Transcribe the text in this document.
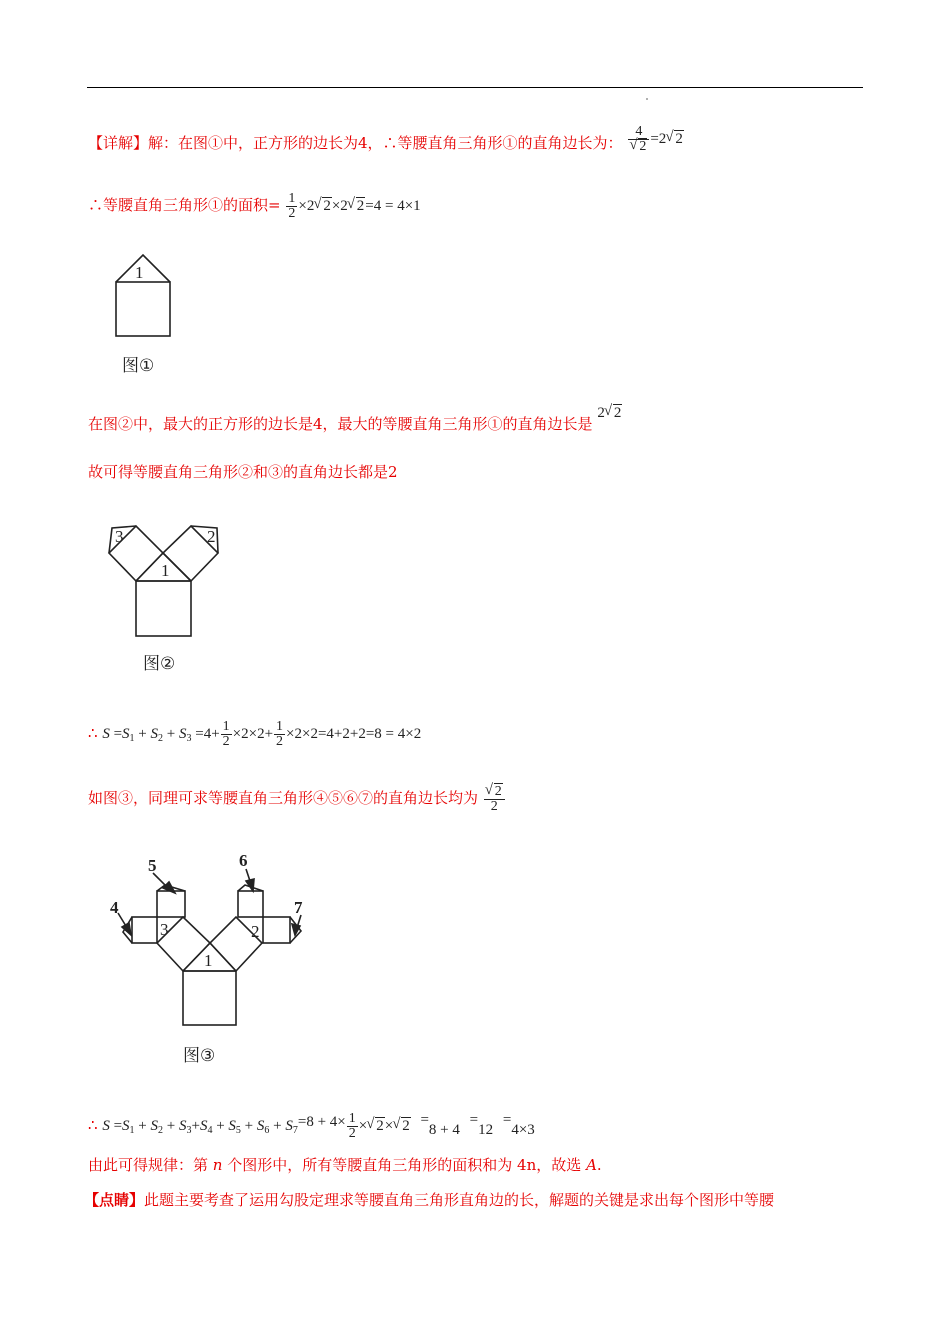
【详解】解：在图①中，正方形的边长为4，∴等腰直角三角形①的直角边长为： 4
√ 2 =2√ 2
∴等腰直角三角形①的面积= $\frac{1}{2} \times 2√$ 2×2√ 2=4 = 4×1
1
图①
在图②中，最大的正方形的边长是4，最大的等腰直角三角形①的直角边长是 2√ 2
故可得等腰直角三角形②和③的直角边长都是2
1
2
3
图②
∴ $S =S_1 + S_2 + S_3 =4+ \frac{1}{2} \times 2\times 2+ \frac{1}{2} \times 2\times 2=4+2+2=8 = 4\times 2$
如图③，同理可求等腰直角三角形④⑤⑥⑦的直角边长均为
√ $\frac{2}{2}$
1
2
3
4
5	6
7
图③
∴ $S =S_1 + S_2 + S_3+S_4 + S_5 + S_6 + S_7=8 + 4\times \frac{1}{2}$ ×√ 2×√ 2 =8 + 4 =12 =4×3
由此可得规律：第 n 个图形中，所有等腰直角三角形的面积和为 4n，故选 A.
【点睛】此题主要考查了运用勾股定理求等腰直角三角形直角边的长，解题的关键是求出每个图形中等腰
